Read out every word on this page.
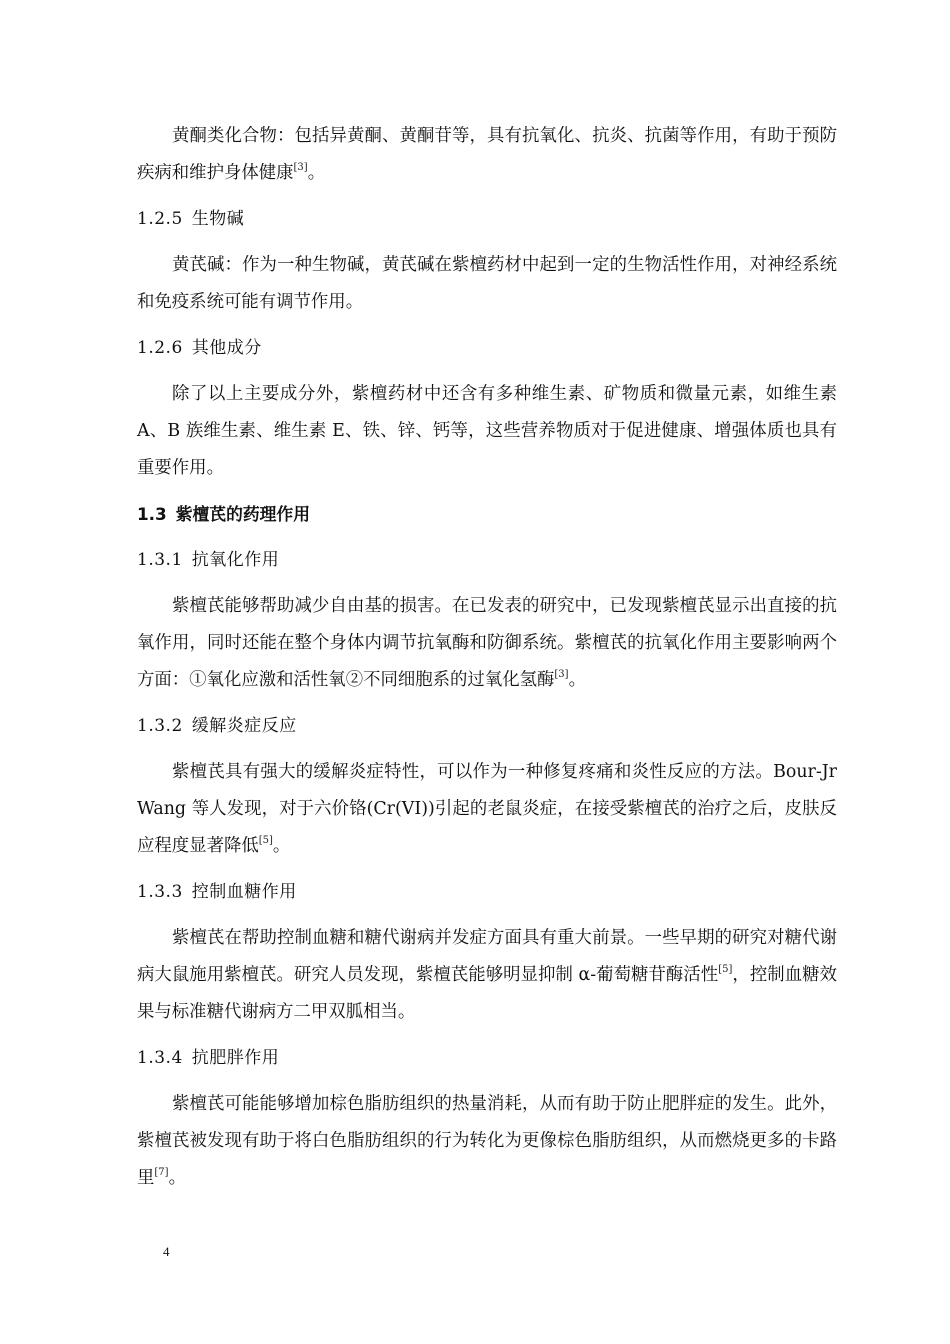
黄酮类化合物：包括异黄酮、黄酮苷等，具有抗氧化、抗炎、抗菌等作用，有助于预防疾病和维护身体健康[3]。

1.2.5 生物碱

黄芪碱：作为一种生物碱，黄芪碱在紫檀药材中起到一定的生物活性作用，对神经系统和免疫系统可能有调节作用。

1.2.6 其他成分

除了以上主要成分外，紫檀药材中还含有多种维生素、矿物质和微量元素，如维生素 A、B 族维生素、维生素 E、铁、锌、钙等，这些营养物质对于促进健康、增强体质也具有重要作用。

1.3 紫檀芪的药理作用
1.3.1 抗氧化作用

紫檀芪能够帮助减少自由基的损害。在已发表的研究中，已发现紫檀芪显示出直接的抗氧作用，同时还能在整个身体内调节抗氧酶和防御系统。紫檀芪的抗氧化作用主要影响两个方面：①氧化应激和活性氧②不同细胞系的过氧化氢酶[3]。

1.3.2 缓解炎症反应

紫檀芪具有强大的缓解炎症特性，可以作为一种修复疼痛和炎性反应的方法。Bour-Jr Wang 等人发现，对于六价铬(Cr(VI))引起的老鼠炎症，在接受紫檀芪的治疗之后，皮肤反应程度显著降低[5]。

1.3.3 控制血糖作用

紫檀芪在帮助控制血糖和糖代谢病并发症方面具有重大前景。一些早期的研究对糖代谢病大鼠施用紫檀芪。研究人员发现，紫檀芪能够明显抑制 α-葡萄糖苷酶活性[5]，控制血糖效果与标准糖代谢病方二甲双胍相当。

1.3.4 抗肥胖作用

紫檀芪可能能够增加棕色脂肪组织的热量消耗，从而有助于防止肥胖症的发生。此外，紫檀芪被发现有助于将白色脂肪组织的行为转化为更像棕色脂肪组织，从而燃烧更多的卡路里[7]。

4
